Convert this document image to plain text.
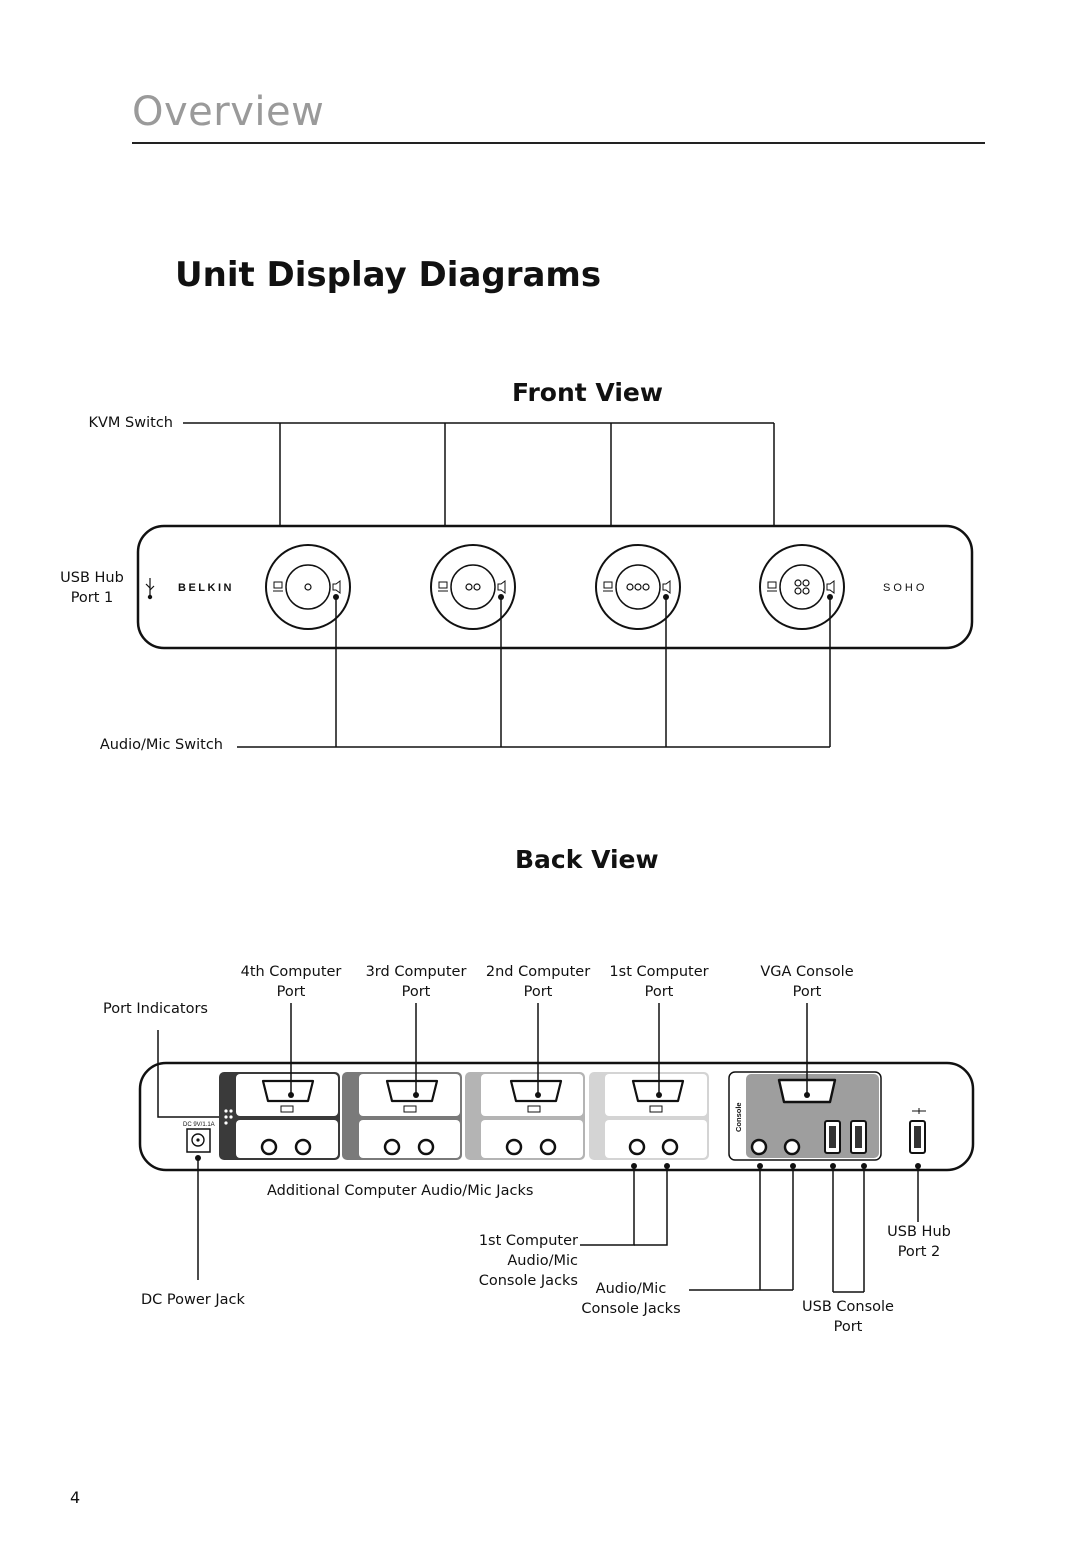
Overview
Unit Display Diagrams
Front View
KVM Switch
USB Hub
Port 1
Audio/Mic Switch
BELKIN	SOHO
Back View
Port Indicators
4th Computer
Port
3rd Computer
Port
2nd Computer
Port
1st Computer
Port
VGA Console
Port
Additional Computer Audio/Mic Jacks
1st Computer
Audio/Mic
Console Jacks	Audio/Mic
Console Jacks
USB Hub
Port 2
DC Power Jack	USB Console
Port
Console
DC 9V/1.1A
4
